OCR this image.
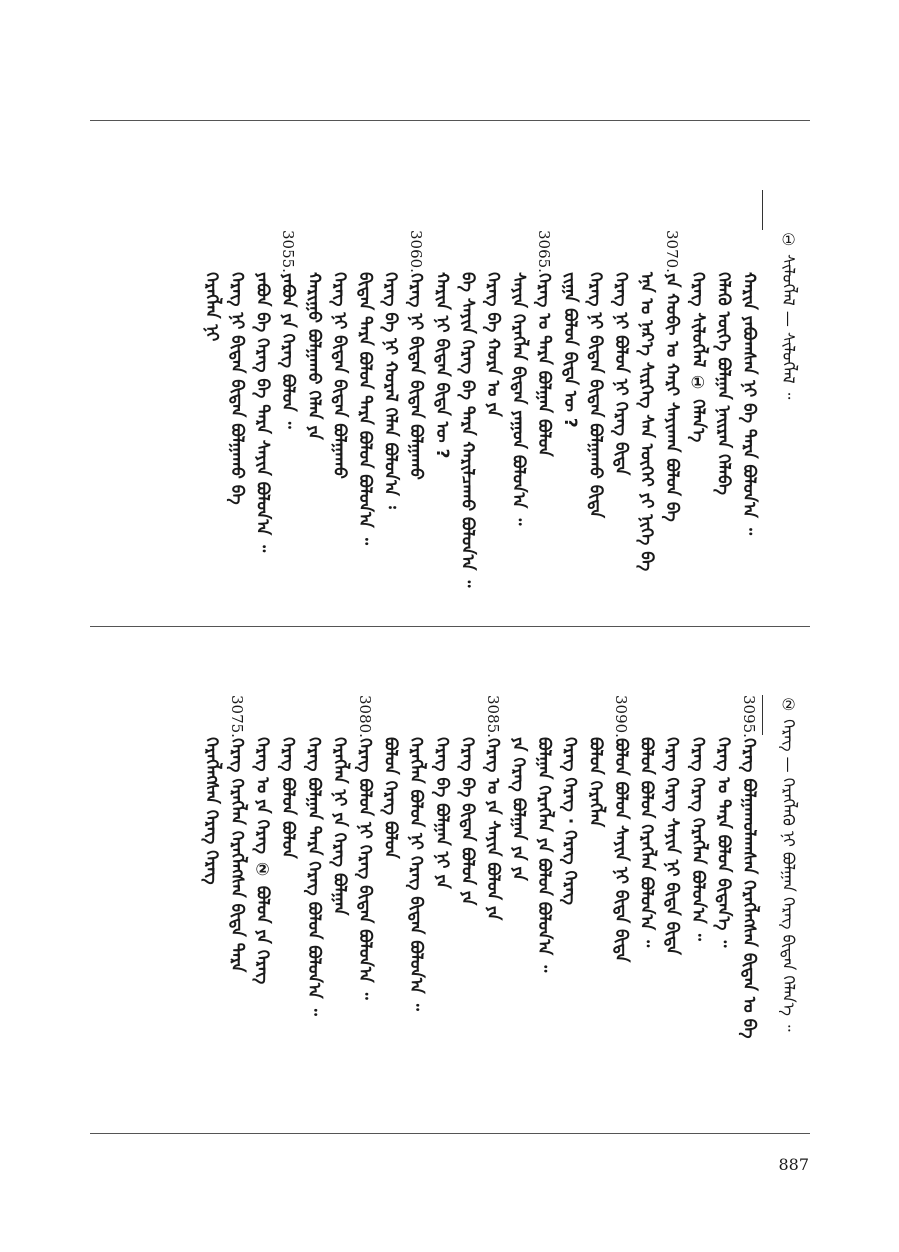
① ᠰᠢᠯᠦᠭᠯᠡᠯ — ᠰᠢᠯᠦᠭᠯᠡᠯ ᠃
ᠬᠠᠷᠢᠨ ᠶᠠᠪᠤᠭᠰᠠᠨ ᠨᠢ ᠪᠠ ᠲᠡᠷᠡ ᠪᠣᠯᠤᠨ᠎ᠠ ᠃
ᠬᠡᠯᠡᠬᠦ ᠦᠭᠡ ᠪᠣᠯᠭᠠᠨ ᠨᠠᠢᠷᠠᠨ ᠬᠡᠯᠡᠪᠡ
ᠬᠡᠷᠡᠭ ᠰᠢᠯᠦᠭᠯᠡᠯ ① ᠬᠡᠯᠡᠨ᠎ᠡ
3070.ᠶᠠ ᠬᠤᠪᠢ ᠤ ᠬᠠᠷᠢ ᠰᠠᠶᠢᠬᠠᠨ ᠪᠣᠯᠤᠨ ᠪᠠ
ᠡᠨᠡ ᠤ ᠨᠡᠷ᠎ᠡ ᠰᠢᠷᠬᠡᠭ ᠰᠠᠨ ᠦᠭᠡᠢ ᠶᠢ ᠨᠢᠭᠡ ᠪᠠ
ᠬᠡᠷᠡᠭ ᠨᠢ ᠪᠣᠯᠤᠨ ᠨᠢ ᠬᠡᠷᠡᠭ ᠪᠢᠳᠡ
ᠬᠡᠷᠡᠭ ᠨᠢ ᠪᠢᠳᠡᠨ ᠪᠢᠳᠡᠨ ᠪᠣᠯᠭᠠᠬᠤ ᠪᠢᠳᠡ
ᠵᠢᠭᠠ ᠪᠣᠯᠤᠨ ᠪᠢᠳᠡ ᠦ ?
3065.ᠬᠡᠷᠡᠭ ᠤ ᠲᠡᠷᠡ ᠪᠣᠯᠭᠠᠨ ᠪᠣᠯᠤᠨ
ᠰᠠᠶᠢᠨ ᠬᠡᠷᠡᠭᠯᠡᠨ ᠪᠢᠳᠡᠨ ᠶᠠᠭᠤᠨ ᠪᠣᠯᠤᠨ᠎ᠠ ᠃
ᠬᠡᠷᠡᠭ ᠪᠠ ᠬᠤᠷᠠ ᠤ ᠶᠠ
ᠪᠠ ᠰᠠᠶᠢᠨ ᠬᠡᠷᠡᠭ ᠪᠠ ᠲᠡᠷᠡ ᠬᠠᠷᠢᠯᠴᠠᠬᠤ ᠪᠣᠯᠤᠨ᠎ᠠ ᠃
ᠬᠠᠷᠢᠨ ᠨᠢ ᠪᠢᠳᠡᠨ ᠪᠢᠳᠡ ᠦ ?
3060.ᠬᠡᠷᠡᠭ ᠨᠢ ᠪᠢᠳᠡᠨ ᠪᠢᠳᠡᠨ ᠪᠣᠯᠭᠠᠬᠤ
ᠬᠡᠷᠡᠭ ᠪᠠ ᠨᠢ ᠬᠤᠷᠠᠯ ᠬᠡᠯᠡᠨ ᠪᠣᠯᠤᠨ᠎ᠠ ᠄
ᠪᠢᠳᠡᠨ ᠲᠡᠷᠡ ᠪᠣᠯᠤᠨ ᠲᠡᠷᠡ ᠪᠣᠯᠤᠨ ᠪᠣᠯᠤᠨ᠎ᠠ ᠃
ᠬᠡᠷᠡᠭ ᠨᠢ ᠪᠢᠳᠡᠨ ᠪᠢᠳᠡᠨ ᠪᠣᠯᠭᠠᠬᠤ
ᠬᠠᠷᠢᠭᠤ ᠪᠣᠯᠭᠠᠬᠤ ᠬᠡᠯᠡᠨ ᠶᠠ
3055.ᠶᠠᠪᠤᠨ ᠶᠠ ᠬᠡᠷᠡᠭ ᠪᠣᠯᠤᠨ ᠃
ᠶᠠᠪᠤᠨ ᠪᠠ ᠬᠡᠷᠡᠭ ᠪᠠ ᠲᠡᠷᠡ ᠰᠠᠶᠢᠨ ᠪᠣᠯᠤᠨ᠎ᠠ ᠃
ᠬᠡᠷᠡᠭ ᠨᠢ ᠪᠢᠳᠡᠨ ᠪᠢᠳᠡᠨ ᠪᠣᠯᠭᠠᠬᠤ ᠪᠠ
ᠬᠡᠷᠡᠭᠯᠡᠨ ᠨᠢ
② ᠬᠡᠷᠡᠭ — ᠬᠡᠷᠡᠭᠯᠡᠬᠦ ᠨᠢ ᠪᠣᠯᠭᠠᠨ ᠬᠡᠷᠡᠭ ᠪᠢᠳᠡᠨ ᠬᠡᠯᠡᠨ᠎ᠡ ᠃
3095.ᠬᠡᠷᠡᠭ ᠪᠣᠯᠭᠠᠬᠤᠯᠠᠭᠰᠠᠨ ᠬᠡᠷᠡᠭᠯᠡᠭᠰᠡᠨ ᠪᠢᠳᠡᠨ ᠤ ᠪᠠ
ᠬᠡᠷᠡᠭ ᠤ ᠲᠡᠷᠡ ᠪᠣᠯᠤᠨ ᠪᠢᠳᠡᠨ᠎ᠡ ᠃
ᠬᠡᠷᠡᠭ ᠬᠡᠷᠡᠭ ᠬᠡᠷᠡᠭᠯᠡᠨ ᠪᠣᠯᠤᠨ᠎ᠠ ᠃
ᠬᠡᠷᠡᠭ ᠬᠡᠷᠡᠭ ᠰᠠᠶᠢᠨ ᠨᠢ ᠪᠢᠳᠡ ᠪᠢᠳᠡ
ᠪᠣᠯᠤᠨ ᠪᠣᠯᠤᠨ ᠬᠡᠷᠡᠭᠯᠡᠨ ᠪᠣᠯᠤᠨ᠎ᠠ ᠃
3090.ᠪᠣᠯᠤᠨ ᠪᠣᠯᠤᠨ ᠰᠠᠶᠢᠨ ᠨᠢ ᠪᠢᠳᠡ ᠪᠢᠳᠡ
ᠪᠣᠯᠤᠨ ᠬᠡᠷᠡᠭᠯᠡᠨ
ᠬᠡᠷᠡᠭ ᠬᠡᠷᠡᠭ · ᠬᠡᠷᠡᠭ ᠬᠡᠷᠡᠭ
ᠪᠣᠯᠭᠠᠨ ᠬᠡᠷᠡᠭᠯᠡᠨ ᠶᠠ ᠪᠣᠯᠤᠨ ᠪᠣᠯᠤᠨ᠎ᠠ ᠃
ᠶᠠ ᠬᠡᠷᠡᠭ ᠪᠣᠯᠭᠠᠨ ᠶᠠ ᠶᠠ
3085.ᠬᠡᠷᠡᠭ ᠤ ᠶᠠ ᠰᠠᠶᠢᠨ ᠪᠣᠯᠤᠨ ᠶᠠ
ᠬᠡᠷᠡᠭ ᠪᠠ ᠪᠢᠳᠡᠨ ᠪᠣᠯᠤᠨ ᠶᠠ
ᠬᠡᠷᠡᠭ ᠪᠠ ᠪᠣᠯᠭᠠᠨ ᠨᠢ ᠶᠠ
ᠬᠡᠷᠡᠭᠯᠡᠨ ᠪᠣᠯᠤᠨ ᠨᠢ ᠬᠡᠷᠡᠭ ᠪᠢᠳᠡᠨ ᠪᠣᠯᠤᠨ᠎ᠠ ᠃
ᠪᠣᠯᠤᠨ ᠬᠡᠷᠡᠭ ᠪᠣᠯᠤᠨ
3080.ᠬᠡᠷᠡᠭ ᠪᠣᠯᠤᠨ ᠨᠢ ᠬᠡᠷᠡᠭ ᠪᠢᠳᠡᠨ ᠪᠣᠯᠤᠨ᠎ᠠ ᠃
ᠬᠡᠷᠡᠭᠯᠡᠨ ᠨᠢ ᠶᠠ ᠬᠡᠷᠡᠭ ᠪᠣᠯᠭᠠᠨ
ᠬᠡᠷᠡᠭ ᠪᠣᠯᠭᠠᠨ ᠲᠡᠷᠡ ᠬᠡᠷᠡᠭ ᠪᠣᠯᠤᠨ ᠪᠣᠯᠤᠨ᠎ᠠ ᠃
ᠬᠡᠷᠡᠭ ᠪᠣᠯᠤᠨ ᠪᠣᠯᠤᠨ
ᠬᠡᠷᠡᠭ ᠤ ᠶᠠ ᠬᠡᠷᠡᠭ ② ᠪᠣᠯᠤᠨ ᠶᠠ ᠬᠡᠷᠡᠭ
3075.ᠬᠡᠷᠡᠭ ᠬᠡᠷᠡᠭᠯᠡᠨ ᠬᠡᠷᠡᠭᠯᠡᠭᠰᠡᠨ ᠪᠢᠳᠡ ᠲᠡᠷᠡ
ᠬᠡᠷᠡᠭᠯᠡᠭᠰᠡᠨ ᠬᠡᠷᠡᠭ ᠬᠡᠷᠡᠭ
887
